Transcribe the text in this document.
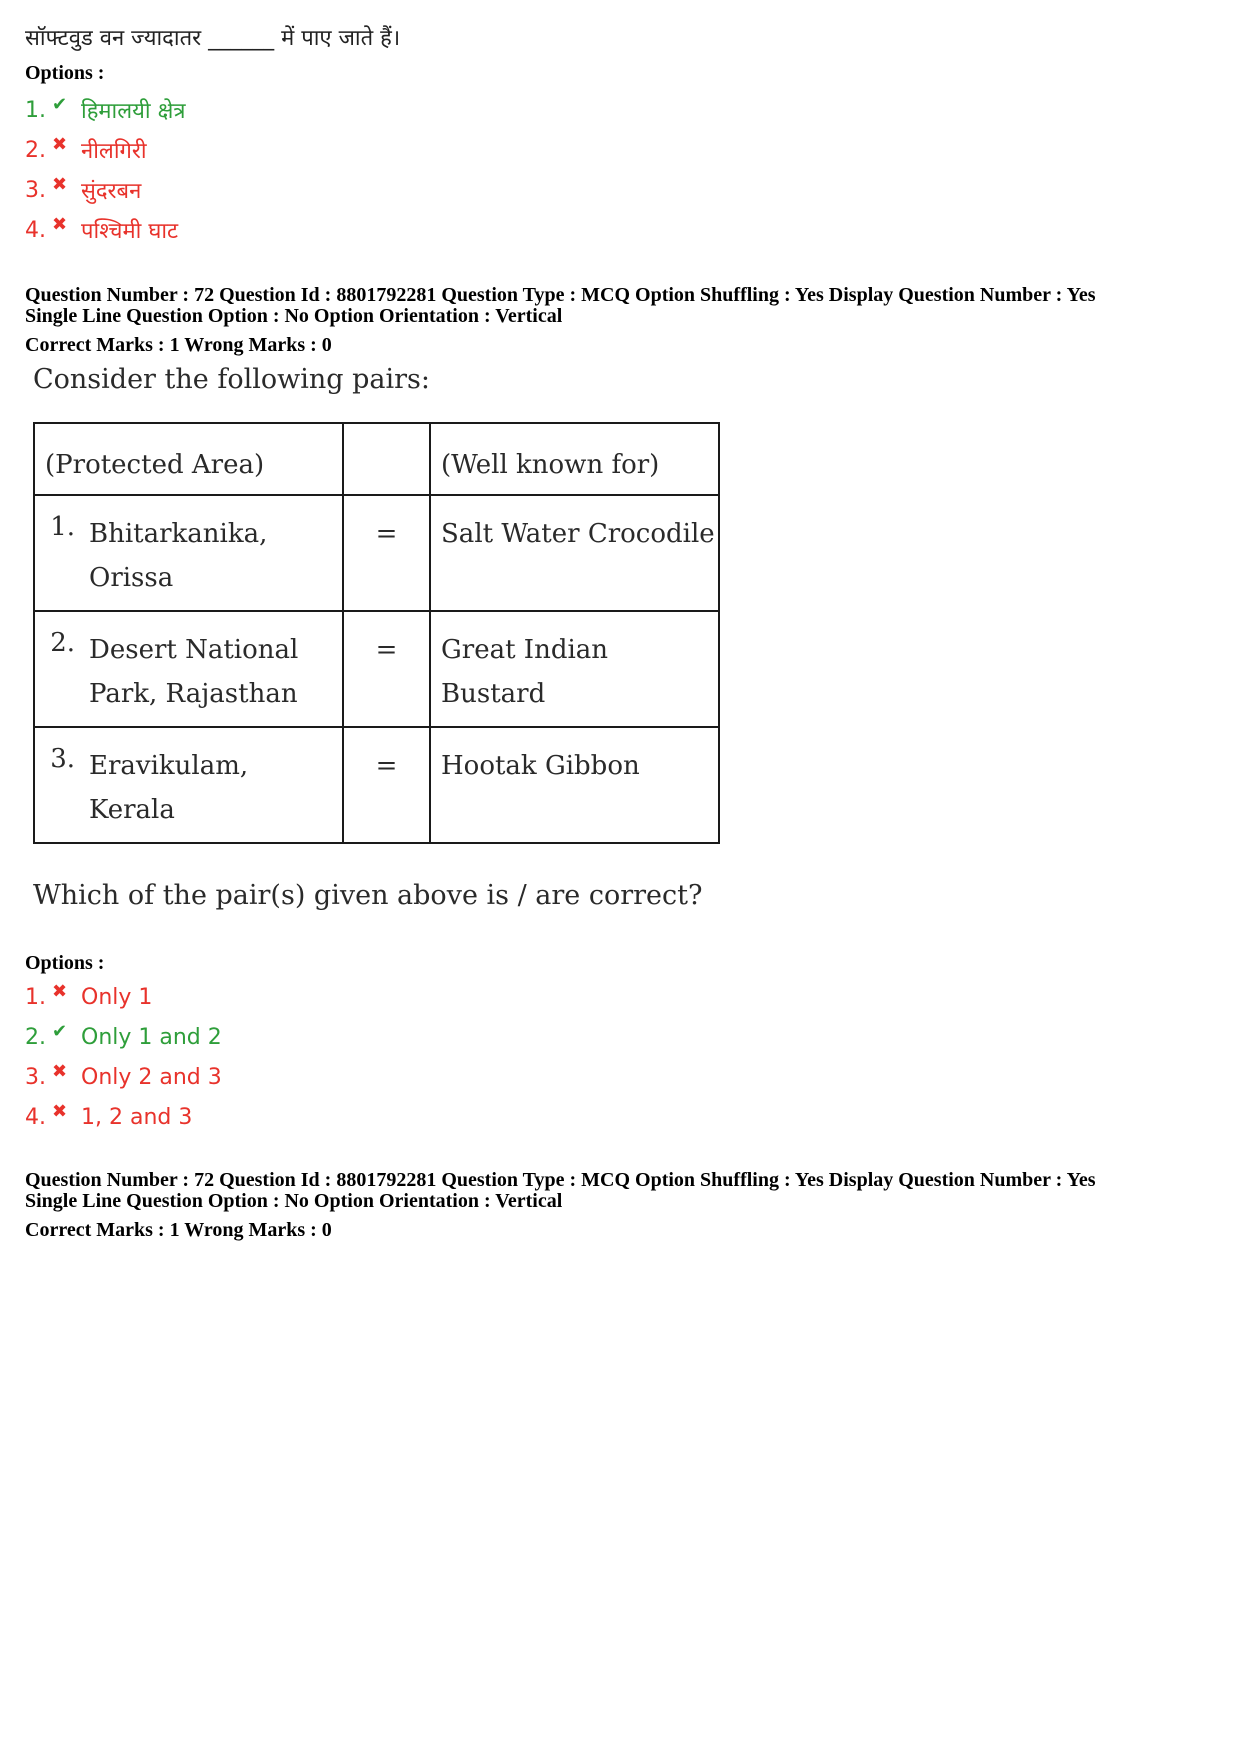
सॉफ्टवुड वन ज्यादातर ______ में पाए जाते हैं।
Options :
1. ✔ हिमालयी क्षेत्र
2. ✖ नीलगिरी
3. ✖ सुंदरबन
4. ✖ पश्चिमी घाट
Question Number : 72 Question Id : 8801792281 Question Type : MCQ Option Shuffling : Yes Display Question Number : Yes
Single Line Question Option : No Option Orientation : Vertical
Correct Marks : 1 Wrong Marks : 0
Consider the following pairs:
(Protected Area)		(Well known for)

1. Bhitarkanika, Orissa	=	Salt Water Crocodile

2. Desert National Park, Rajasthan	=	Great Indian Bustard

3. Eravikulam, Kerala	=	Hootak Gibbon
Which of the pair(s) given above is / are correct?
Options :
1. ✖ Only 1
2. ✔ Only 1 and 2
3. ✖ Only 2 and 3
4. ✖ 1, 2 and 3
Question Number : 72 Question Id : 8801792281 Question Type : MCQ Option Shuffling : Yes Display Question Number : Yes
Single Line Question Option : No Option Orientation : Vertical
Correct Marks : 1 Wrong Marks : 0
